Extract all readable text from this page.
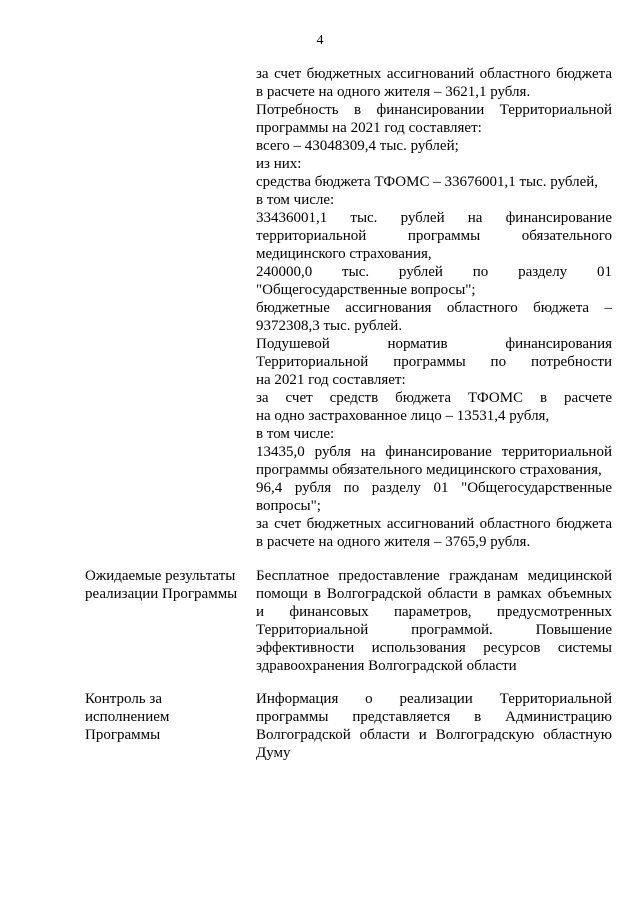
4
за счет бюджетных ассигнований областного бюджета
в расчете на одного жителя – 3621,1 рубля.
Потребность в финансировании Территориальной
программы на 2021 год составляет:
всего – 43048309,4 тыс. рублей;
из них:
средства бюджета ТФОМС – 33676001,1 тыс. рублей,
в том числе:
33436001,1 тыс. рублей на финансирование
территориальной программы обязательного
медицинского страхования,
240000,0 тыс. рублей по разделу 01
"Общегосударственные вопросы";
бюджетные ассигнования областного бюджета –
9372308,3 тыс. рублей.
Подушевой норматив финансирования
Территориальной программы по потребности
на 2021 год составляет:
за счет средств бюджета ТФОМС в расчете
на одно застрахованное лицо – 13531,4 рубля,
в том числе:
13435,0 рубля на финансирование территориальной
программы обязательного медицинского страхования,
96,4 рубля по разделу 01 "Общегосударственные
вопросы";
за счет бюджетных ассигнований областного бюджета
в расчете на одного жителя – 3765,9 рубля.
Ожидаемые результаты
реализации Программы
Бесплатное предоставление гражданам медицинской
помощи в Волгоградской области в рамках объемных
и финансовых параметров, предусмотренных
Территориальной программой. Повышение
эффективности использования ресурсов системы
здравоохранения Волгоградской области
Контроль за
исполнением
Программы
Информация о реализации Территориальной
программы представляется в Администрацию
Волгоградской области и Волгоградскую областную
Думу
